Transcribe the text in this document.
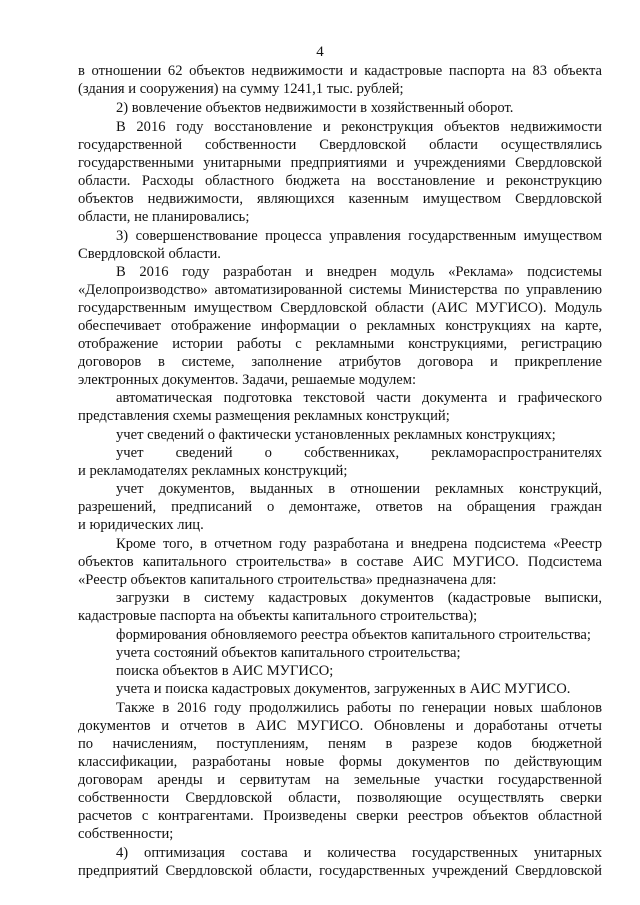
4
в отношении 62 объектов недвижимости и кадастровые паспорта на 83 объекта
(здания и сооружения) на сумму 1241,1 тыс. рублей;
2) вовлечение объектов недвижимости в хозяйственный оборот.
В 2016 году восстановление и реконструкция объектов недвижимости
государственной собственности Свердловской области осуществлялись
государственными унитарными предприятиями и учреждениями Свердловской
области. Расходы областного бюджета на восстановление и реконструкцию
объектов недвижимости, являющихся казенным имуществом Свердловской
области, не планировались;
3) совершенствование процесса управления государственным имуществом
Свердловской области.
В 2016 году разработан и внедрен модуль «Реклама» подсистемы
«Делопроизводство» автоматизированной системы Министерства по управлению
государственным имуществом Свердловской области (АИС МУГИСО). Модуль
обеспечивает отображение информации о рекламных конструкциях на карте,
отображение истории работы с рекламными конструкциями, регистрацию
договоров в системе, заполнение атрибутов договора и прикрепление
электронных документов. Задачи, решаемые модулем:
автоматическая подготовка текстовой части документа и графического
представления схемы размещения рекламных конструкций;
учет сведений о фактически установленных рекламных конструкциях;
учет сведений о собственниках, рекламораспространителях
и рекламодателях рекламных конструкций;
учет документов, выданных в отношении рекламных конструкций,
разрешений, предписаний о демонтаже, ответов на обращения граждан
и юридических лиц.
Кроме того, в отчетном году разработана и внедрена подсистема «Реестр
объектов капитального строительства» в составе АИС МУГИСО. Подсистема
«Реестр объектов капитального строительства» предназначена для:
загрузки в систему кадастровых документов (кадастровые выписки,
кадастровые паспорта на объекты капитального строительства);
формирования обновляемого реестра объектов капитального строительства;
учета состояний объектов капитального строительства;
поиска объектов в АИС МУГИСО;
учета и поиска кадастровых документов, загруженных в АИС МУГИСО.
Также в 2016 году продолжились работы по генерации новых шаблонов
документов и отчетов в АИС МУГИСО. Обновлены и доработаны отчеты
по начислениям, поступлениям, пеням в разрезе кодов бюджетной
классификации, разработаны новые формы документов по действующим
договорам аренды и сервитутам на земельные участки государственной
собственности Свердловской области, позволяющие осуществлять сверки
расчетов с контрагентами. Произведены сверки реестров объектов областной
собственности;
4) оптимизация состава и количества государственных унитарных
предприятий Свердловской области, государственных учреждений Свердловской
